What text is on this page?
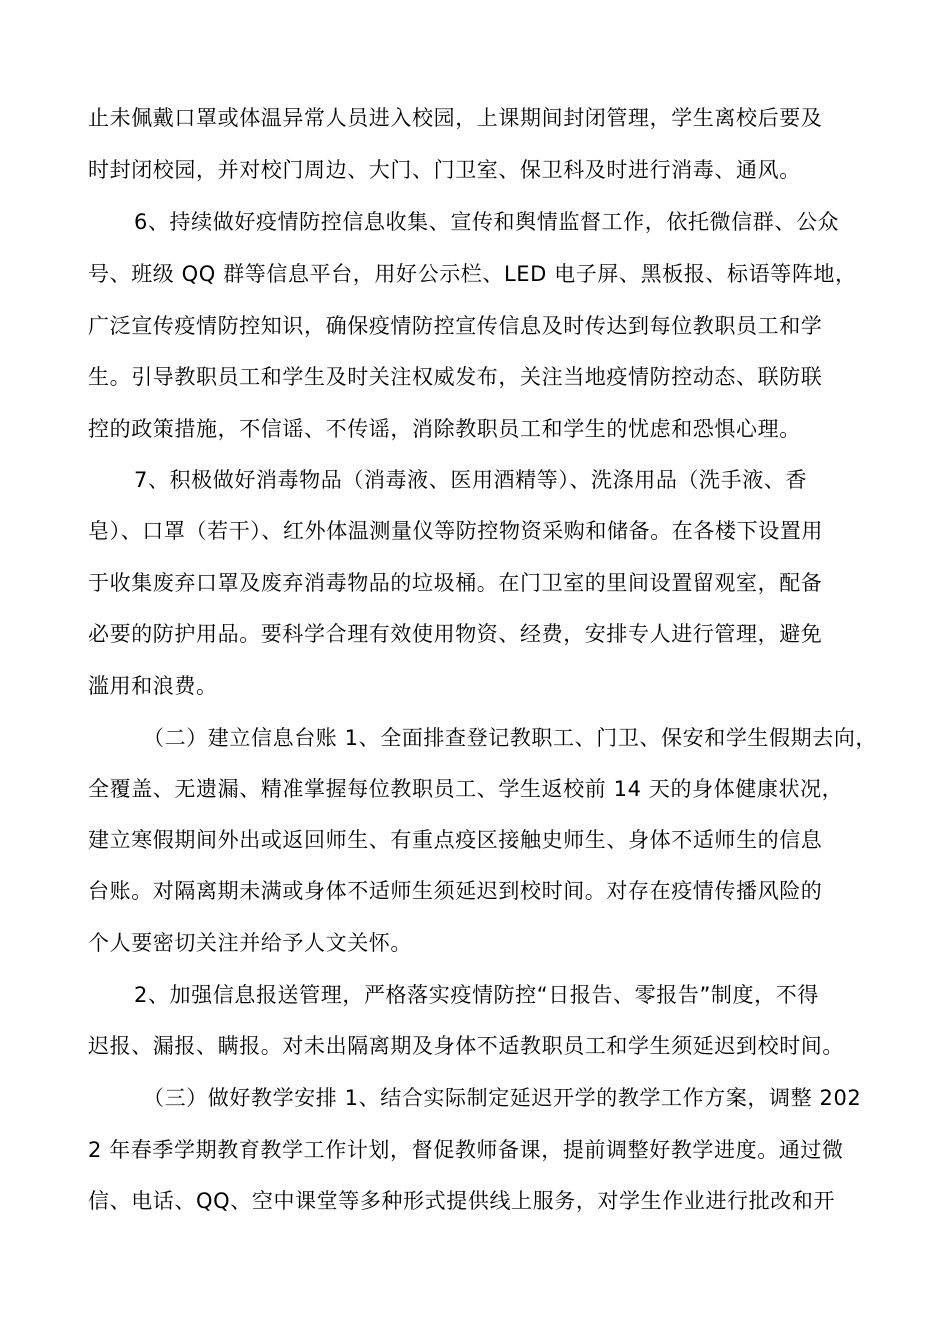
止未佩戴口罩或体温异常人员进入校园，上课期间封闭管理，学生离校后要及
时封闭校园，并对校门周边、大门、门卫室、保卫科及时进行消毒、通风。
6、持续做好疫情防控信息收集、宣传和舆情监督工作，依托微信群、公众
号、班级 QQ 群等信息平台，用好公示栏、LED 电子屏、黑板报、标语等阵地，
广泛宣传疫情防控知识，确保疫情防控宣传信息及时传达到每位教职员工和学
生。引导教职员工和学生及时关注权威发布，关注当地疫情防控动态、联防联
控的政策措施，不信谣、不传谣，消除教职员工和学生的忧虑和恐惧心理。
7、积极做好消毒物品（消毒液、医用酒精等）、洗涤用品（洗手液、香
皂）、口罩（若干）、红外体温测量仪等防控物资采购和储备。在各楼下设置用
于收集废弃口罩及废弃消毒物品的垃圾桶。在门卫室的里间设置留观室，配备
必要的防护用品。要科学合理有效使用物资、经费，安排专人进行管理，避免
滥用和浪费。
（二）建立信息台账 1、全面排查登记教职工、门卫、保安和学生假期去向，
全覆盖、无遗漏、精准掌握每位教职员工、学生返校前 14 天的身体健康状况，
建立寒假期间外出或返回师生、有重点疫区接触史师生、身体不适师生的信息
台账。对隔离期未满或身体不适师生须延迟到校时间。对存在疫情传播风险的
个人要密切关注并给予人文关怀。
2、加强信息报送管理，严格落实疫情防控“日报告、零报告”制度，不得
迟报、漏报、瞒报。对未出隔离期及身体不适教职员工和学生须延迟到校时间。
（三）做好教学安排 1、结合实际制定延迟开学的教学工作方案，调整 202
2 年春季学期教育教学工作计划，督促教师备课，提前调整好教学进度。通过微
信、电话、QQ、空中课堂等多种形式提供线上服务，对学生作业进行批改和开
